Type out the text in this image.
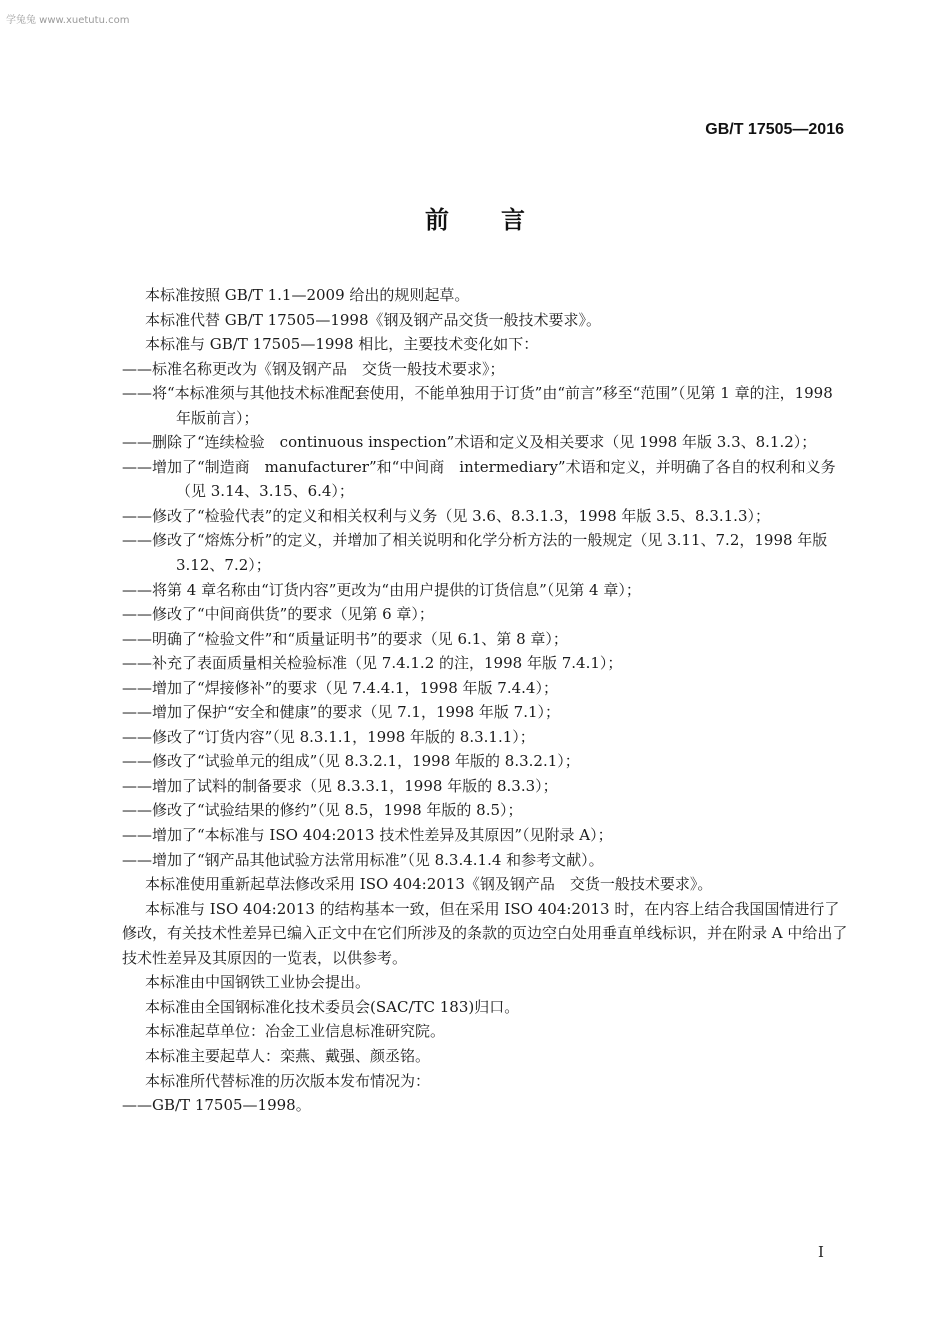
学兔兔 www.xuetutu.com
GB/T 17505—2016
前言

本标准按照 GB/T 1.1—2009 给出的规则起草。

本标准代替 GB/T 17505—1998《钢及钢产品交货一般技术要求》。

本标准与 GB/T 17505—1998 相比，主要技术变化如下：

——标准名称更改为《钢及钢产品　交货一般技术要求》；

——将“本标准须与其他技术标准配套使用，不能单独用于订货”由“前言”移至“范围”（见第 1 章的注，1998 年版前言）；

——删除了“连续检验　continuous inspection”术语和定义及相关要求（见 1998 年版 3.3、8.1.2）；

——增加了“制造商　manufacturer”和“中间商　intermediary”术语和定义，并明确了各自的权利和义务（见 3.14、3.15、6.4）；

——修改了“检验代表”的定义和相关权利与义务（见 3.6、8.3.1.3，1998 年版 3.5、8.3.1.3）；

——修改了“熔炼分析”的定义，并增加了相关说明和化学分析方法的一般规定（见 3.11、7.2，1998 年版 3.12、7.2）；

——将第 4 章名称由“订货内容”更改为“由用户提供的订货信息”（见第 4 章）；

——修改了“中间商供货”的要求（见第 6 章）；

——明确了“检验文件”和“质量证明书”的要求（见 6.1、第 8 章）；

——补充了表面质量相关检验标准（见 7.4.1.2 的注，1998 年版 7.4.1）；

——增加了“焊接修补”的要求（见 7.4.4.1，1998 年版 7.4.4）；

——增加了保护“安全和健康”的要求（见 7.1，1998 年版 7.1）；

——修改了“订货内容”（见 8.3.1.1，1998 年版的 8.3.1.1）；

——修改了“试验单元的组成”（见 8.3.2.1，1998 年版的 8.3.2.1）；

——增加了试料的制备要求（见 8.3.3.1，1998 年版的 8.3.3）；

——修改了“试验结果的修约”（见 8.5，1998 年版的 8.5）；

——增加了“本标准与 ISO 404:2013 技术性差异及其原因”（见附录 A）；

——增加了“钢产品其他试验方法常用标准”（见 8.3.4.1.4 和参考文献）。

本标准使用重新起草法修改采用 ISO 404:2013《钢及钢产品　交货一般技术要求》。

本标准与 ISO 404:2013 的结构基本一致，但在采用 ISO 404:2013 时，在内容上结合我国国情进行了修改，有关技术性差异已编入正文中在它们所涉及的条款的页边空白处用垂直单线标识，并在附录 A 中给出了技术性差异及其原因的一览表，以供参考。

本标准由中国钢铁工业协会提出。

本标准由全国钢标准化技术委员会(SAC/TC 183)归口。

本标准起草单位：冶金工业信息标准研究院。

本标准主要起草人：栾燕、戴强、颜丞铭。

本标准所代替标准的历次版本发布情况为：

——GB/T 17505—1998。

I
